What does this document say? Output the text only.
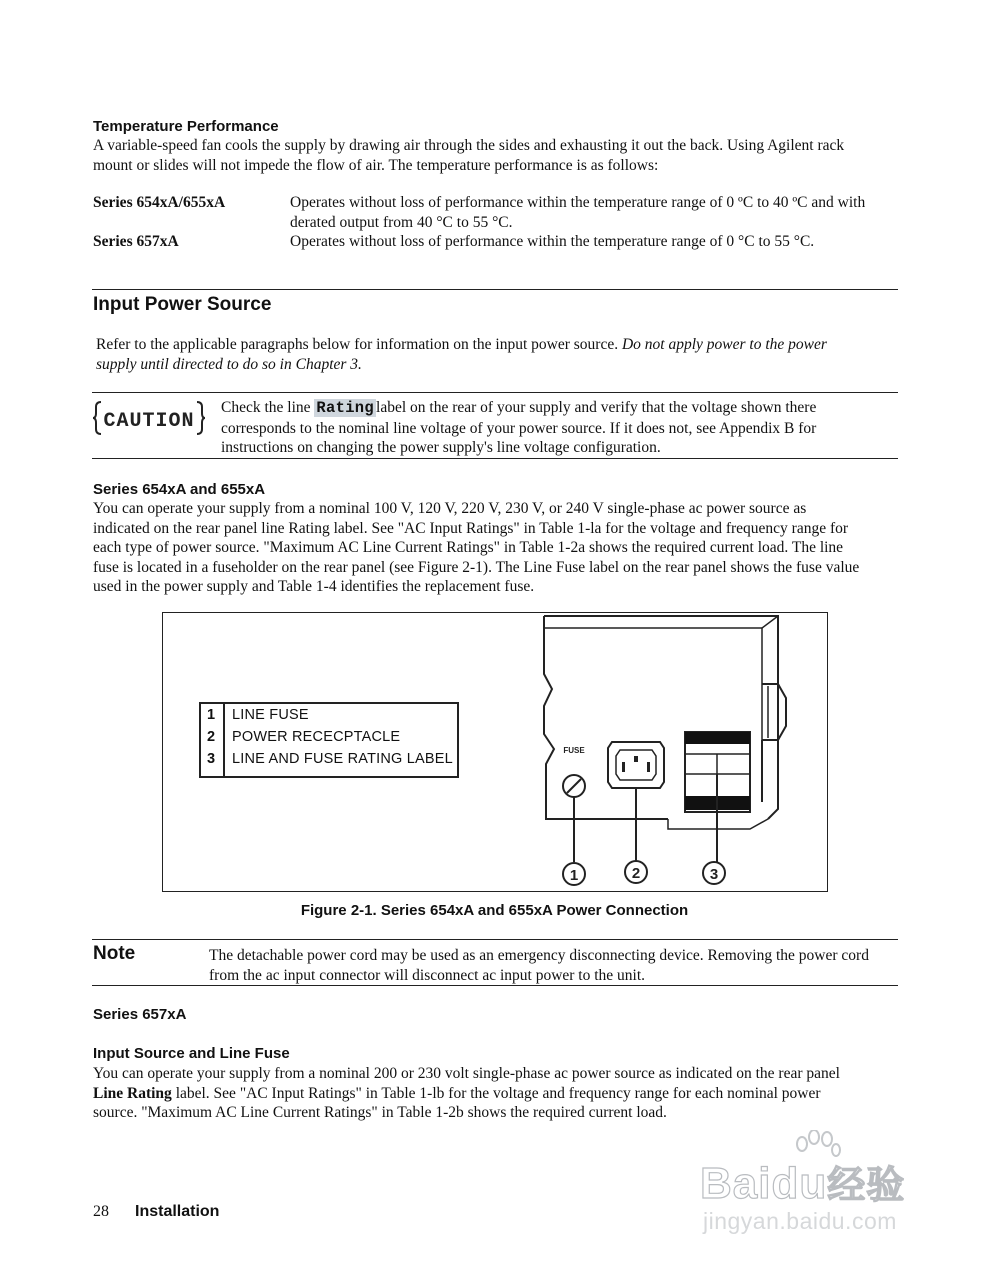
Temperature Performance
A variable-speed fan cools the supply by drawing air through the sides and exhausting it out the back. Using Agilent rack
mount or slides will not impede the flow of air. The temperature performance is as follows:
Series 654xA/655xA	Operates without loss of performance within the temperature range of 0 ºC to 40 ºC and with
derated output from 40 °C to 55 °C.
Series 657xA	Operates without loss of performance within the temperature range of 0 °C to 55 °C.
Input Power Source
Refer to the applicable paragraphs below for information on the input power source. Do not apply power to the power
supply until directed to do so in Chapter 3.
CAUTION
Check the line Rating label on the rear of your supply and verify that the voltage shown there
corresponds to the nominal line voltage of your power source. If it does not, see Appendix B for
instructions on changing the power supply's line voltage configuration.
Series 654xA and 655xA
You can operate your supply from a nominal 100 V, 120 V, 220 V, 230 V, or 240 V single-phase ac power source as
indicated on the rear panel line Rating label. See "AC Input Ratings" in Table 1-la for the voltage and frequency range for
each type of power source. "Maximum AC Line Current Ratings" in Table 1-2a shows the required current load. The line
fuse is located in a fuseholder on the rear panel (see Figure 2-1). The Line Fuse label on the rear panel shows the fuse value
used in the power supply and Table 1-4 identifies the replacement fuse.
1 LINE FUSE
2 POWER RECECPTACLE
3 LINE AND FUSE RATING LABEL
FUSE
1	2	3
Figure 2-1. Series 654xA and 655xA Power Connection
Note	The detachable power cord may be used as an emergency disconnecting device. Removing the power cord
from the ac input connector will disconnect ac input power to the unit.
Series 657xA
Input Source and Line Fuse
You can operate your supply from a nominal 200 or 230 volt single-phase ac power source as indicated on the rear panel
Line Rating label. See "AC Input Ratings" in Table 1-lb for the voltage and frequency range for each nominal power
source. "Maximum AC Line Current Ratings" in Table 1-2b shows the required current load.
28 Installation
Baidu经验
jingyan.baidu.com
